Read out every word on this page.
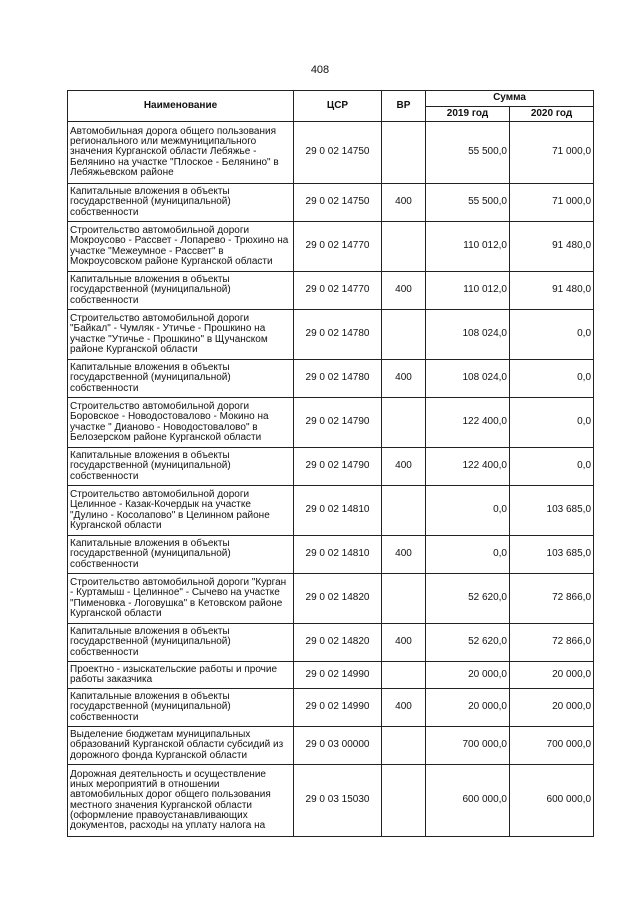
408
Наименование	ЦСР	ВР	Сумма	
			2019 год	2020 год
Автомобильная дорога общего пользования регионального или межмуниципального значения Курганской области Лебяжье - Белянино на участке "Плоское - Белянино" в Лебяжьевском районе	29 0 02 14750		55 500,0	71 000,0
Капитальные вложения в объекты государственной (муниципальной) собственности	29 0 02 14750	400	55 500,0	71 000,0
Строительство автомобильной дороги Мокроусово - Рассвет - Лопарево - Трюхино на участке "Межеумное - Рассвет" в Мокроусовском районе Курганской области	29 0 02 14770		110 012,0	91 480,0
Капитальные вложения в объекты государственной (муниципальной) собственности	29 0 02 14770	400	110 012,0	91 480,0
Строительство автомобильной дороги "Байкал" - Чумляк - Утичье - Прошкино на участке "Утичье - Прошкино" в Щучанском районе Курганской области	29 0 02 14780		108 024,0	0,0
Капитальные вложения в объекты государственной (муниципальной) собственности	29 0 02 14780	400	108 024,0	0,0
Строительство автомобильной дороги Боровское - Новодостовалово - Мокино на участке " Дианово - Новодостовалово" в Белозерском районе Курганской области	29 0 02 14790		122 400,0	0,0
Капитальные вложения в объекты государственной (муниципальной) собственности	29 0 02 14790	400	122 400,0	0,0
Строительство автомобильной дороги Целинное - Казак-Кочердык на участке "Дулино - Косолапово" в Целинном районе Курганской области	29 0 02 14810		0,0	103 685,0
Капитальные вложения в объекты государственной (муниципальной) собственности	29 0 02 14810	400	0,0	103 685,0
Строительство автомобильной дороги "Курган - Куртамыш - Целинное" - Сычево на участке "Пименовка - Логовушка" в Кетовском районе Курганской области	29 0 02 14820		52 620,0	72 866,0
Капитальные вложения в объекты государственной (муниципальной) собственности	29 0 02 14820	400	52 620,0	72 866,0
Проектно - изыскательские работы и прочие работы заказчика	29 0 02 14990		20 000,0	20 000,0
Капитальные вложения в объекты государственной (муниципальной) собственности	29 0 02 14990	400	20 000,0	20 000,0
Выделение бюджетам муниципальных образований Курганской области субсидий из дорожного фонда Курганской области	29 0 03 00000		700 000,0	700 000,0
Дорожная деятельность и осуществление иных мероприятий в отношении автомобильных дорог общего пользования местного значения Курганской области (оформление правоустанавливающих документов, расходы на уплату налога на	29 0 03 15030		600 000,0	600 000,0
